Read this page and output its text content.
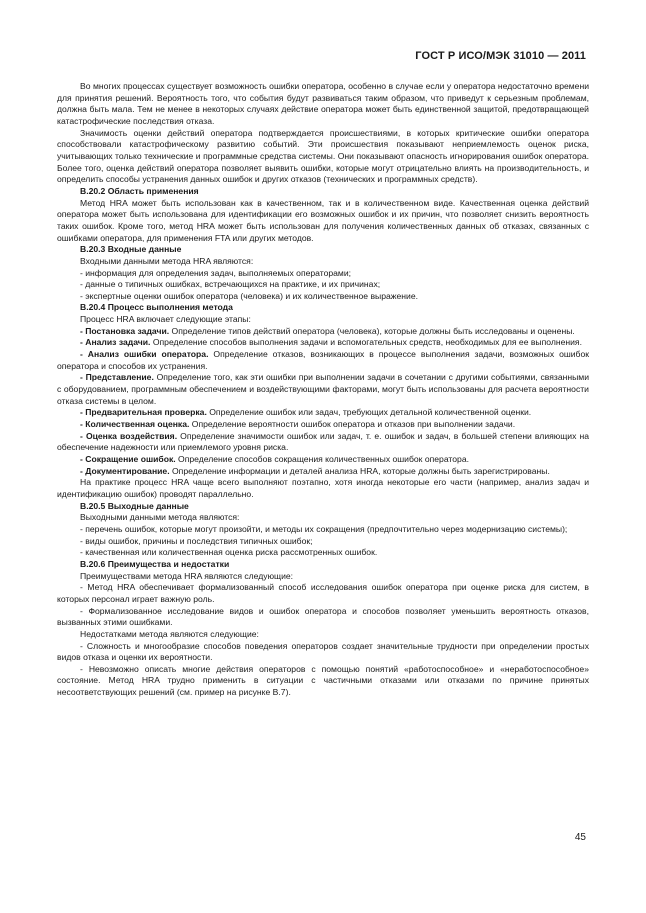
ГОСТ Р ИСО/МЭК 31010 — 2011

Во многих процессах существует возможность ошибки оператора, особенно в случае если у оператора недостаточно времени для принятия решений. Вероятность того, что события будут развиваться таким образом, что приведут к серьезным проблемам, должна быть мала. Тем не менее в некоторых случаях действие оператора может быть единственной защитой, предотвращающей катастрофические последствия отказа.

Значимость оценки действий оператора подтверждается происшествиями, в которых критические ошибки оператора способствовали катастрофическому развитию событий. Эти происшествия показывают неприемлемость оценок риска, учитывающих только технические и программные средства системы. Они показывают опасность игнорирования ошибок оператора. Более того, оценка действий оператора позволяет выявить ошибки, которые могут отрицательно влиять на производительность, и определить способы устранения данных ошибок и других отказов (технических и программных средств).

В.20.2 Область применения

Метод HRA может быть использован как в качественном, так и в количественном виде. Качественная оценка действий оператора может быть использована для идентификации его возможных ошибок и их причин, что позволяет снизить вероятность таких ошибок. Кроме того, метод HRA может быть использован для получения количественных данных об отказах, связанных с ошибками оператора, для применения FTA или других методов.

В.20.3 Входные данные

Входными данными метода HRA являются:

- информация для определения задач, выполняемых операторами;

- данные о типичных ошибках, встречающихся на практике, и их причинах;

- экспертные оценки ошибок оператора (человека) и их количественное выражение.

В.20.4 Процесс выполнения метода

Процесс HRA включает следующие этапы:

- Постановка задачи. Определение типов действий оператора (человека), которые должны быть исследованы и оценены.

- Анализ задачи. Определение способов выполнения задачи и вспомогательных средств, необходимых для ее выполнения.

- Анализ ошибки оператора. Определение отказов, возникающих в процессе выполнения задачи, возможных ошибок оператора и способов их устранения.

- Представление. Определение того, как эти ошибки при выполнении задачи в сочетании с другими событиями, связанными с оборудованием, программным обеспечением и воздействующими факторами, могут быть использованы для расчета вероятности отказа системы в целом.

- Предварительная проверка. Определение ошибок или задач, требующих детальной количественной оценки.

- Количественная оценка. Определение вероятности ошибок оператора и отказов при выполнении задачи.

- Оценка воздействия. Определение значимости ошибок или задач, т. е. ошибок и задач, в большей степени влияющих на обеспечение надежности или приемлемого уровня риска.

- Сокращение ошибок. Определение способов сокращения количественных ошибок оператора.

- Документирование. Определение информации и деталей анализа HRA, которые должны быть зарегистрированы.

На практике процесс HRA чаще всего выполняют поэтапно, хотя иногда некоторые его части (например, анализ задач и идентификацию ошибок) проводят параллельно.

В.20.5 Выходные данные

Выходными данными метода являются:

- перечень ошибок, которые могут произойти, и методы их сокращения (предпочтительно через модернизацию системы);

- виды ошибок, причины и последствия типичных ошибок;

- качественная или количественная оценка риска рассмотренных ошибок.

В.20.6 Преимущества и недостатки

Преимуществами метода HRA являются следующие:

- Метод HRA обеспечивает формализованный способ исследования ошибок оператора при оценке риска для систем, в которых персонал играет важную роль.

- Формализованное исследование видов и ошибок оператора и способов позволяет уменьшить вероятность отказов, вызванных этими ошибками.

Недостатками метода являются следующие:

- Сложность и многообразие способов поведения операторов создает значительные трудности при определении простых видов отказа и оценки их вероятности.

- Невозможно описать многие действия операторов с помощью понятий «работоспособное» и «неработоспособное» состояние. Метод HRA трудно применить в ситуации с частичными отказами или отказами по причине принятых несоответствующих решений (см. пример на рисунке В.7).

45
